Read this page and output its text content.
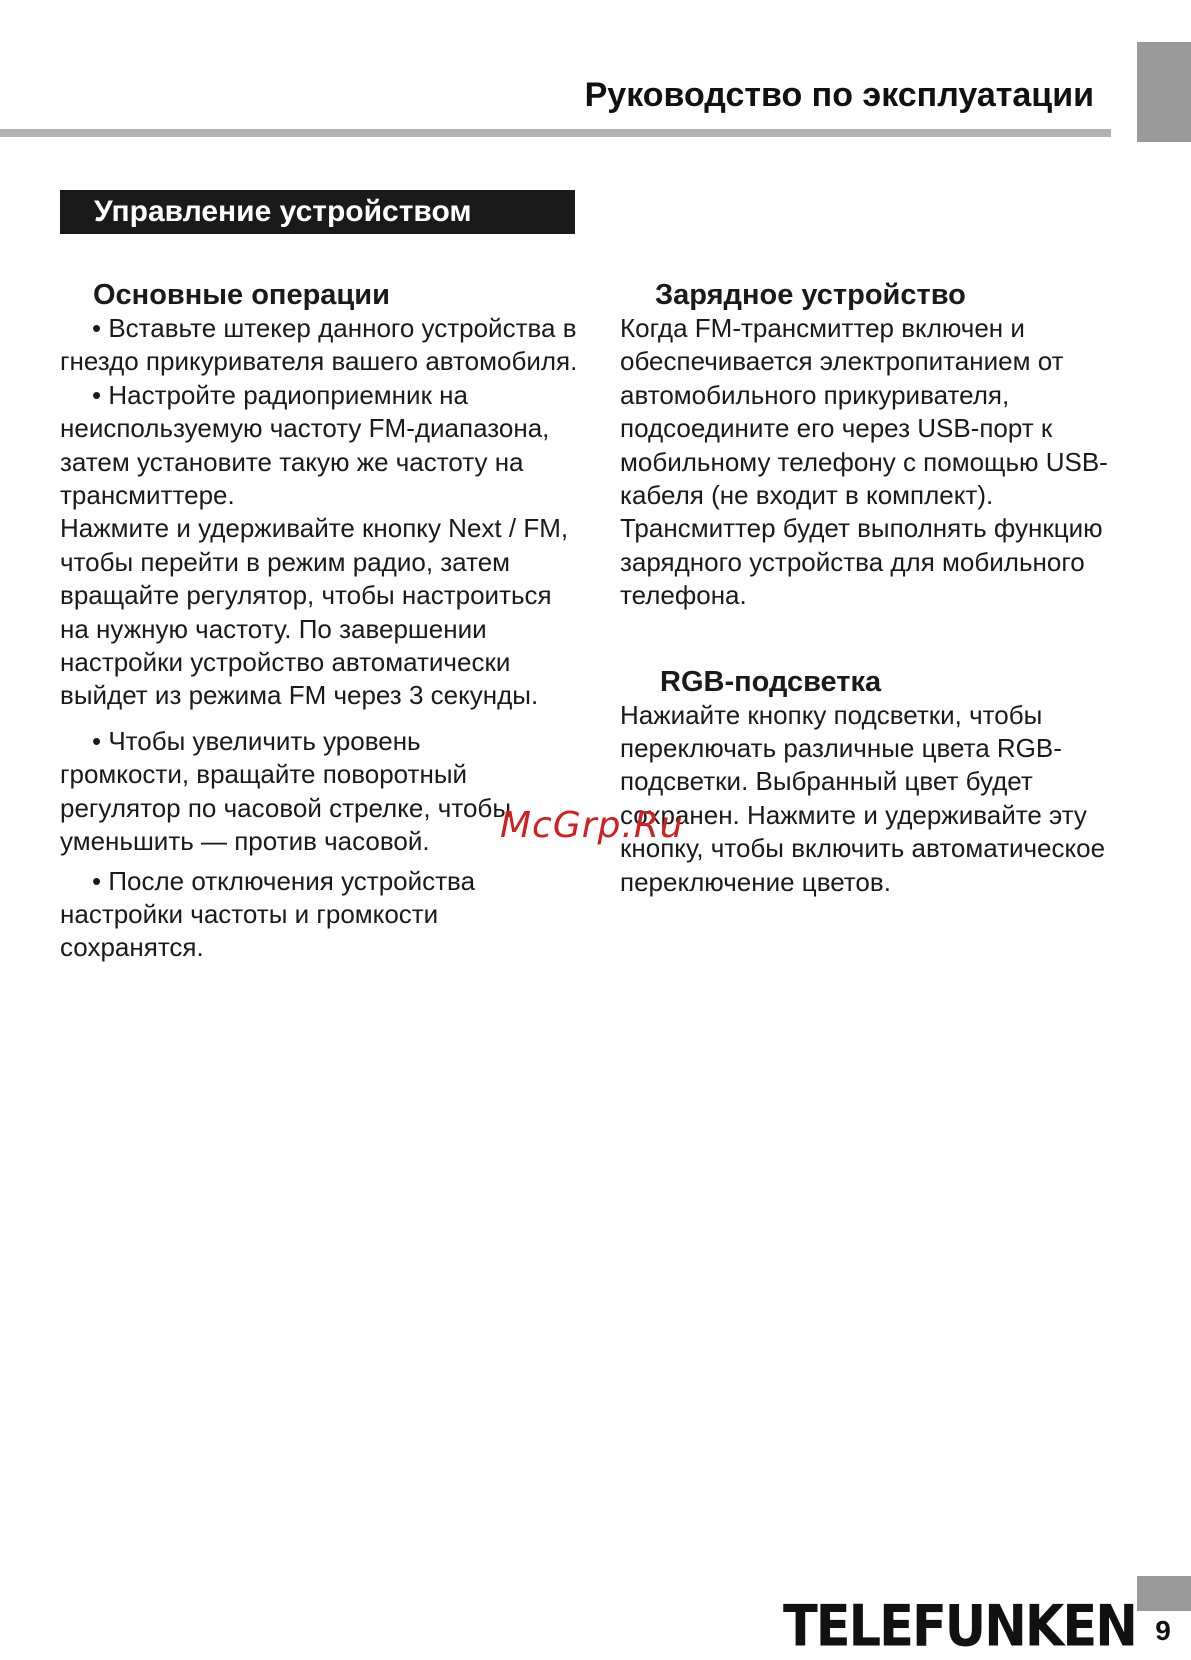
Руководство по эксплуатации
Управление устройством

Основные операции

• Вставьте штекер данного устройства в гнездо прикуривателя вашего автомобиля.

• Настройте радиоприемник на неиспользуемую частоту FM-диапазона, затем установите такую же частоту на трансмиттере.

Нажмите и удерживайте кнопку Next / FM, чтобы перейти в режим радио, затем вращайте регулятор, чтобы настроиться на нужную частоту. По завершении настройки устройство автоматически выйдет из режима FM через 3 секунды.

• Чтобы увеличить уровень громкости, вращайте поворотный регулятор по часовой стрелке, чтобы уменьшить — против часовой.

• После отключения устройства настройки частоты и громкости сохранятся.

Зарядное устройство

Когда FM-трансмиттер включен и обеспечивается электропитанием от автомобильного прикуривателя, подсоедините его через USB-порт к мобильному телефону с помощью USB-кабеля (не входит в комплект). Трансмиттер будет выполнять функцию зарядного устройства для мобильного телефона.

RGB-подсветка

Нажиайте кнопку подсветки, чтобы переключать различные цвета RGB-подсветки. Выбранный цвет будет сохранен. Нажмите и удерживайте эту кнопку, чтобы включить автоматическое переключение цветов.

McGrp.Ru
TELEFUNKEN 9
